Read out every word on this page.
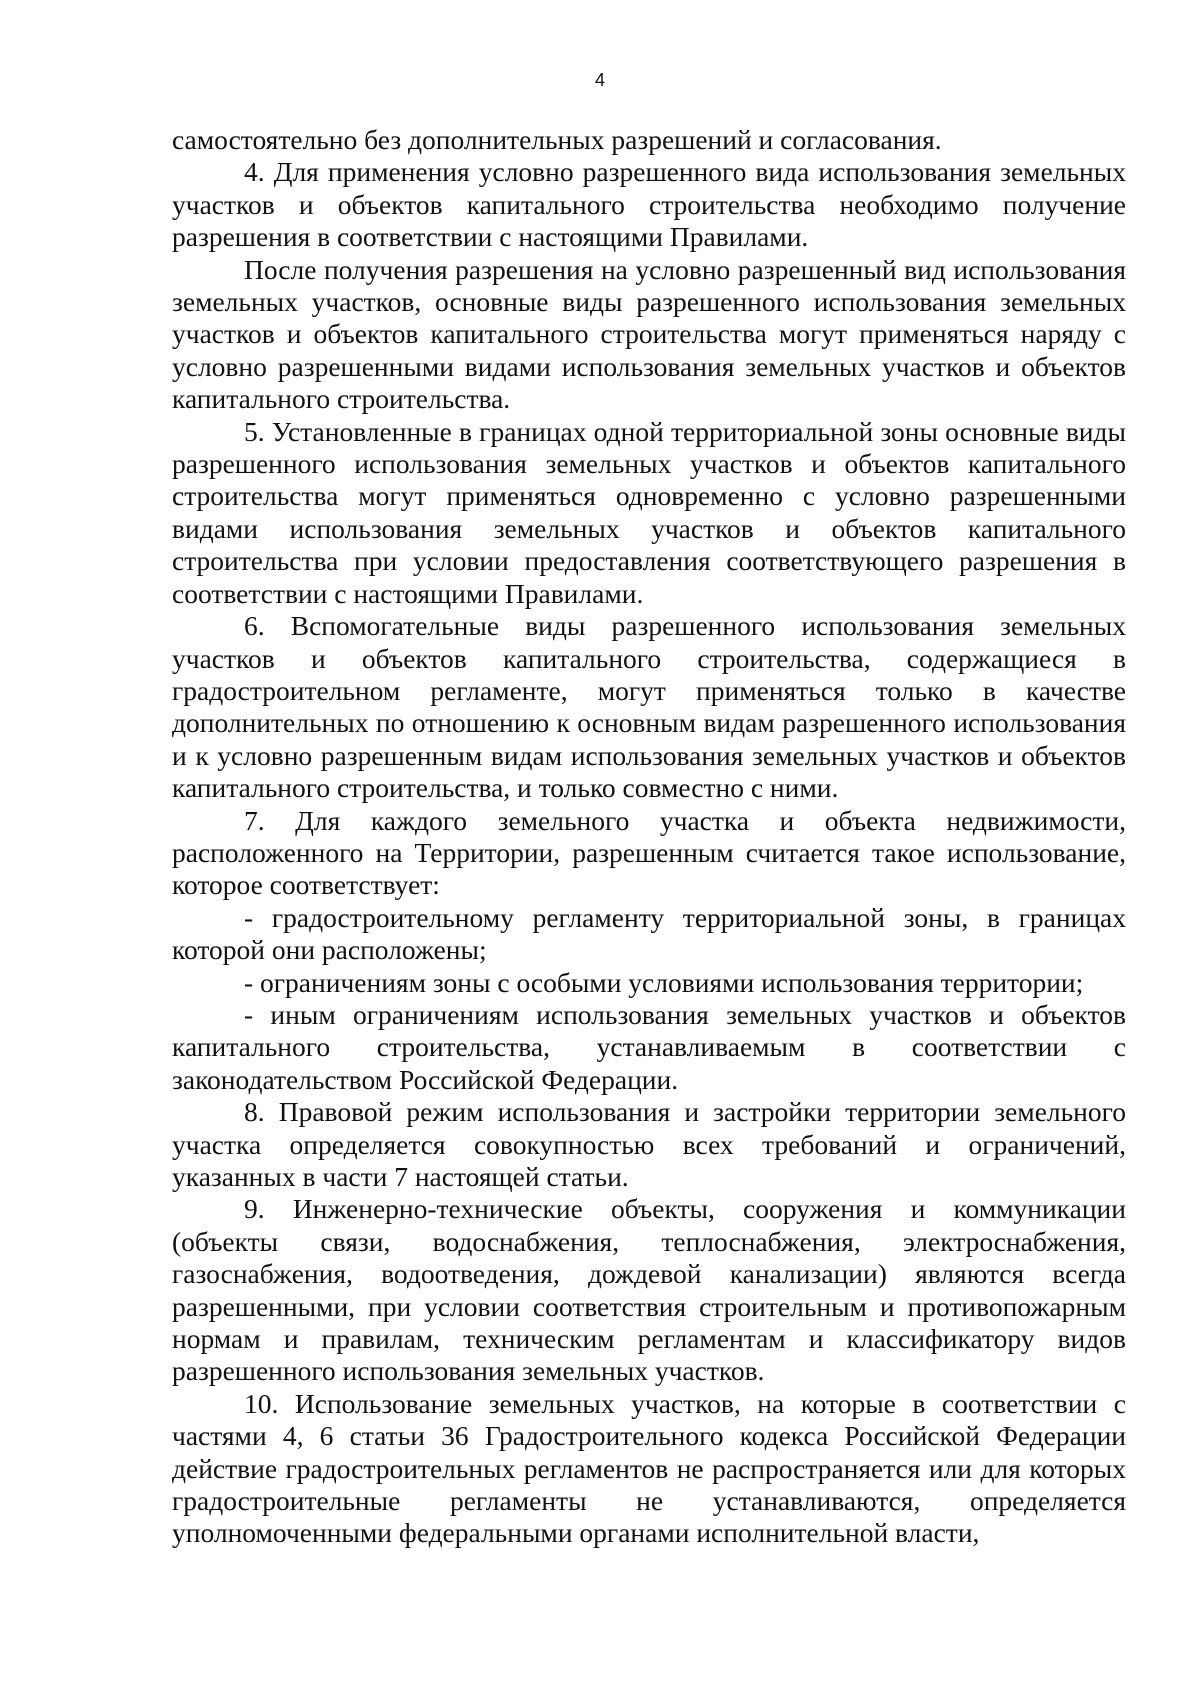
4

самостоятельно без дополнительных разрешений и согласования.

4. Для применения условно разрешенного вида использования земельных участков и объектов капитального строительства необходимо получение разрешения в соответствии с настоящими Правилами.

После получения разрешения на условно разрешенный вид использования земельных участков, основные виды разрешенного использования земельных участков и объектов капитального строительства могут применяться наряду с условно разрешенными видами использования земельных участков и объектов капитального строительства.

5. Установленные в границах одной территориальной зоны основные виды разрешенного использования земельных участков и объектов капитального строительства могут применяться одновременно с условно разрешенными видами использования земельных участков и объектов капитального строительства при условии предоставления соответствующего разрешения в соответствии с настоящими Правилами.

6. Вспомогательные виды разрешенного использования земельных участков и объектов капитального строительства, содержащиеся в градостроительном регламенте, могут применяться только в качестве дополнительных по отношению к основным видам разрешенного использования и к условно разрешенным видам использования земельных участков и объектов капитального строительства, и только совместно с ними.

7. Для каждого земельного участка и объекта недвижимости, расположенного на Территории, разрешенным считается такое использование, которое соответствует:

- градостроительному регламенту территориальной зоны, в границах которой они расположены;

- ограничениям зоны с особыми условиями использования территории;

- иным ограничениям использования земельных участков и объектов капитального строительства, устанавливаемым в соответствии с законодательством Российской Федерации.

8. Правовой режим использования и застройки территории земельного участка определяется совокупностью всех требований и ограничений, указанных в части 7 настоящей статьи.

9. Инженерно-технические объекты, сооружения и коммуникации (объекты связи, водоснабжения, теплоснабжения, электроснабжения, газоснабжения, водоотведения, дождевой канализации) являются всегда разрешенными, при условии соответствия строительным и противопожарным нормам и правилам, техническим регламентам и классификатору видов разрешенного использования земельных участков.

10. Использование земельных участков, на которые в соответствии с частями 4, 6 статьи 36 Градостроительного кодекса Российской Федерации действие градостроительных регламентов не распространяется или для которых градостроительные регламенты не устанавливаются, определяется уполномоченными федеральными органами исполнительной власти,
